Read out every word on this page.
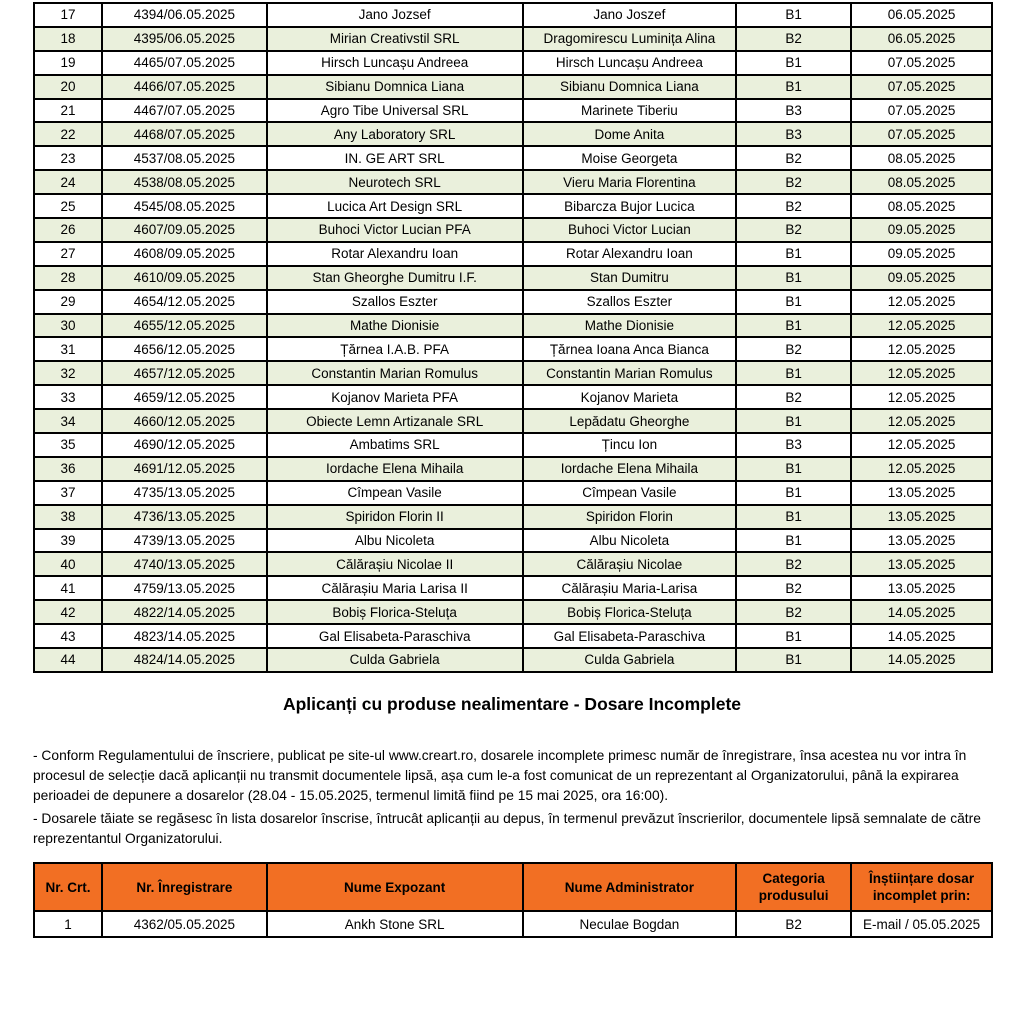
17	4394/06.05.2025	Jano Jozsef	Jano Joszef	B1	06.05.2025
18	4395/06.05.2025	Mirian Creativstil SRL	Dragomirescu Luminița Alina	B2	06.05.2025
19	4465/07.05.2025	Hirsch Luncașu Andreea	Hirsch Luncașu Andreea	B1	07.05.2025
20	4466/07.05.2025	Sibianu Domnica Liana	Sibianu Domnica Liana	B1	07.05.2025
21	4467/07.05.2025	Agro Tibe Universal SRL	Marinete Tiberiu	B3	07.05.2025
22	4468/07.05.2025	Any Laboratory SRL	Dome Anita	B3	07.05.2025
23	4537/08.05.2025	IN. GE ART SRL	Moise Georgeta	B2	08.05.2025
24	4538/08.05.2025	Neurotech SRL	Vieru Maria Florentina	B2	08.05.2025
25	4545/08.05.2025	Lucica Art Design SRL	Bibarcza Bujor Lucica	B2	08.05.2025
26	4607/09.05.2025	Buhoci Victor Lucian PFA	Buhoci Victor Lucian	B2	09.05.2025
27	4608/09.05.2025	Rotar Alexandru Ioan	Rotar Alexandru Ioan	B1	09.05.2025
28	4610/09.05.2025	Stan Gheorghe Dumitru I.F.	Stan Dumitru	B1	09.05.2025
29	4654/12.05.2025	Szallos Eszter	Szallos Eszter	B1	12.05.2025
30	4655/12.05.2025	Mathe Dionisie	Mathe Dionisie	B1	12.05.2025
31	4656/12.05.2025	Țărnea I.A.B. PFA	Țărnea Ioana Anca Bianca	B2	12.05.2025
32	4657/12.05.2025	Constantin Marian Romulus	Constantin Marian Romulus	B1	12.05.2025
33	4659/12.05.2025	Kojanov Marieta PFA	Kojanov Marieta	B2	12.05.2025
34	4660/12.05.2025	Obiecte Lemn Artizanale SRL	Lepădatu Gheorghe	B1	12.05.2025
35	4690/12.05.2025	Ambatims SRL	Țincu Ion	B3	12.05.2025
36	4691/12.05.2025	Iordache Elena Mihaila	Iordache Elena Mihaila	B1	12.05.2025
37	4735/13.05.2025	Cîmpean Vasile	Cîmpean Vasile	B1	13.05.2025
38	4736/13.05.2025	Spiridon Florin II	Spiridon Florin	B1	13.05.2025
39	4739/13.05.2025	Albu Nicoleta	Albu Nicoleta	B1	13.05.2025
40	4740/13.05.2025	Călărașiu Nicolae II	Călărașiu Nicolae	B2	13.05.2025
41	4759/13.05.2025	Călărașiu Maria Larisa II	Călărașiu Maria-Larisa	B2	13.05.2025
42	4822/14.05.2025	Bobiș Florica-Steluța	Bobiș Florica-Steluța	B2	14.05.2025
43	4823/14.05.2025	Gal Elisabeta-Paraschiva	Gal Elisabeta-Paraschiva	B1	14.05.2025
44	4824/14.05.2025	Culda Gabriela	Culda Gabriela	B1	14.05.2025
Aplicanți cu produse nealimentare - Dosare Incomplete

- Conform Regulamentului de înscriere, publicat pe site-ul www.creart.ro, dosarele incomplete primesc număr de înregistrare, însa acestea nu vor intra în procesul de selecție dacă aplicanții nu transmit documentele lipsă, așa cum le-a fost comunicat de un reprezentant al Organizatorului, până la expirarea perioadei de depunere a dosarelor (28.04 - 15.05.2025, termenul limită fiind pe 15 mai 2025, ora 16:00).

- Dosarele tăiate se regăsesc în lista dosarelor înscrise, întrucât aplicanții au depus, în termenul prevăzut înscrierilor, documentele lipsă semnalate de către reprezentantul Organizatorului.

Nr. Crt.	Nr. Înregistrare	Nume Expozant	Nume Administrator	Categoria produsului	Înștiințare dosar incomplet prin:
1	4362/05.05.2025	Ankh Stone SRL	Neculae Bogdan	B2	E-mail / 05.05.2025
